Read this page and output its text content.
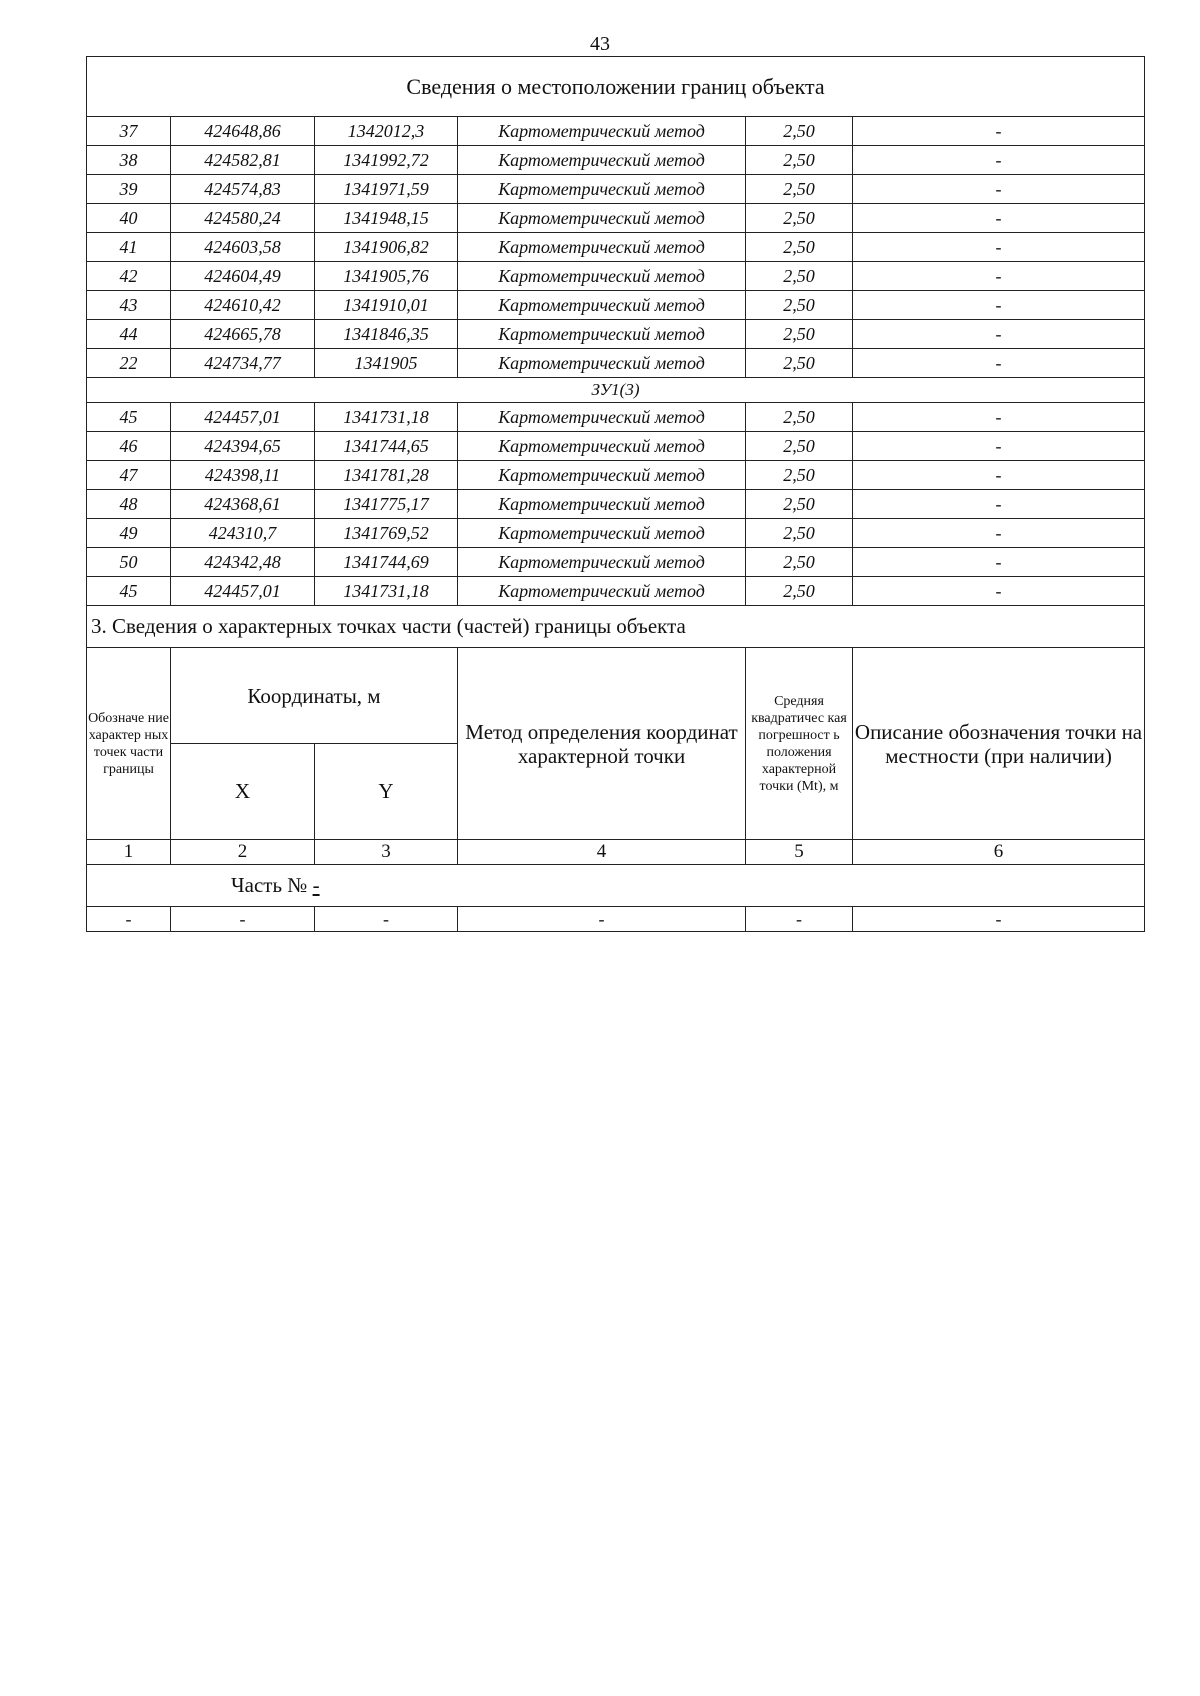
43
Сведения о местоположении границ объекта					
37	424648,86	1342012,3	Картометрический метод	2,50	-
38	424582,81	1341992,72	Картометрический метод	2,50	-
39	424574,83	1341971,59	Картометрический метод	2,50	-
40	424580,24	1341948,15	Картометрический метод	2,50	-
41	424603,58	1341906,82	Картометрический метод	2,50	-
42	424604,49	1341905,76	Картометрический метод	2,50	-
43	424610,42	1341910,01	Картометрический метод	2,50	-
44	424665,78	1341846,35	Картометрический метод	2,50	-
22	424734,77	1341905	Картометрический метод	2,50	-
ЗУ1(3)					
45	424457,01	1341731,18	Картометрический метод	2,50	-
46	424394,65	1341744,65	Картометрический метод	2,50	-
47	424398,11	1341781,28	Картометрический метод	2,50	-
48	424368,61	1341775,17	Картометрический метод	2,50	-
49	424310,7	1341769,52	Картометрический метод	2,50	-
50	424342,48	1341744,69	Картометрический метод	2,50	-
45	424457,01	1341731,18	Картометрический метод	2,50	-
3. Сведения о характерных точках части (частей) границы объекта					
Обозначе ние характер ных точек части границы	Координаты, м		Метод определения координат характерной точки	Средняя квадратичес кая погрешност ь положения характерной точки (Mt), м	Описание обозначения точки на местности (при наличии)
	X	Y			
1	2	3	4	5	6
Часть № -					
-	-	-	-	-	-
